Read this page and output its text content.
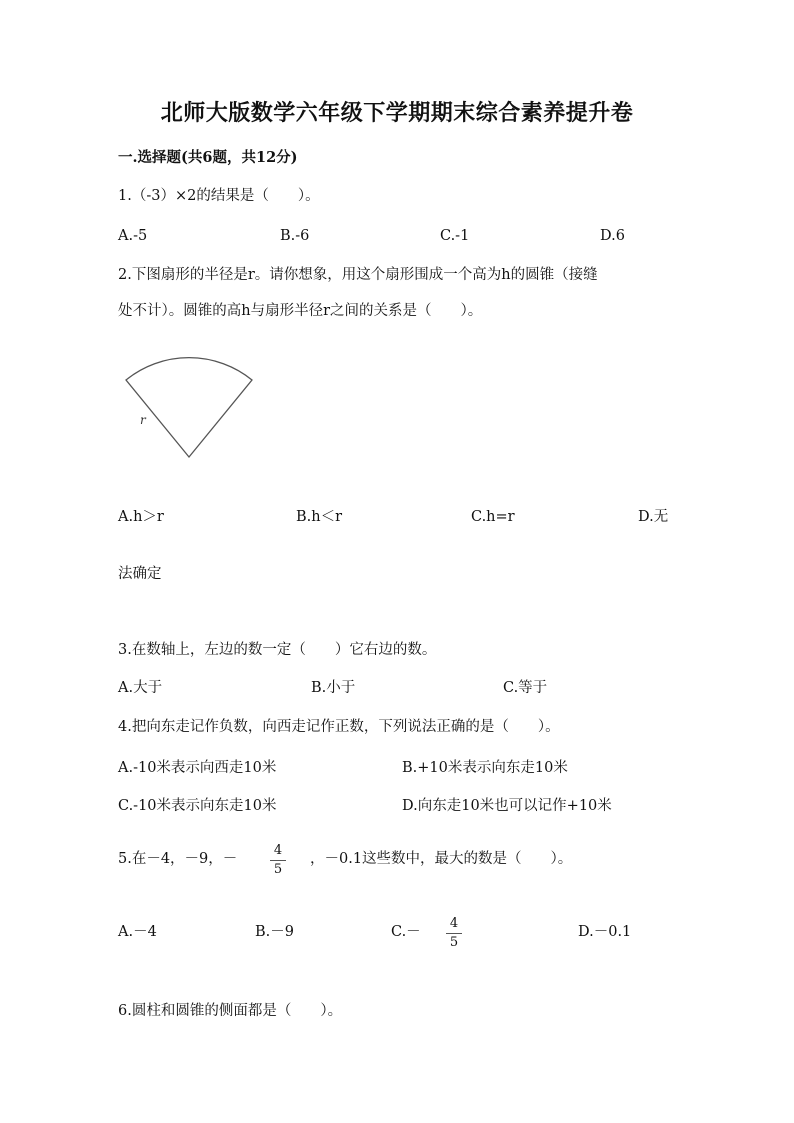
北师大版数学六年级下学期期末综合素养提升卷
一.选择题(共6题，共12分)
1.（-3）×2的结果是（　　）。
A.-5	B.-6	C.-1	D.6
2.下图扇形的半径是r。请你想象，用这个扇形围成一个高为h的圆锥（接缝
处不计）。圆锥的高h与扇形半径r之间的关系是（　　）。
r
A.h＞r	B.h＜r	C.h=r	D.无
法确定
3.在数轴上，左边的数一定（　　）它右边的数。
A.大于	B.小于	C.等于
4.把向东走记作负数，向西走记作正数，下列说法正确的是（　　）。
A.-10米表示向西走10米	B.+10米表示向东走10米
C.-10米表示向东走10米	D.向东走10米也可以记作+10米
5.在－4，－9，－
4
5
，－0.1这些数中，最大的数是（　　）。
A.－4	B.－9	C.－
4
5
D.－0.1
6.圆柱和圆锥的侧面都是（　　）。
